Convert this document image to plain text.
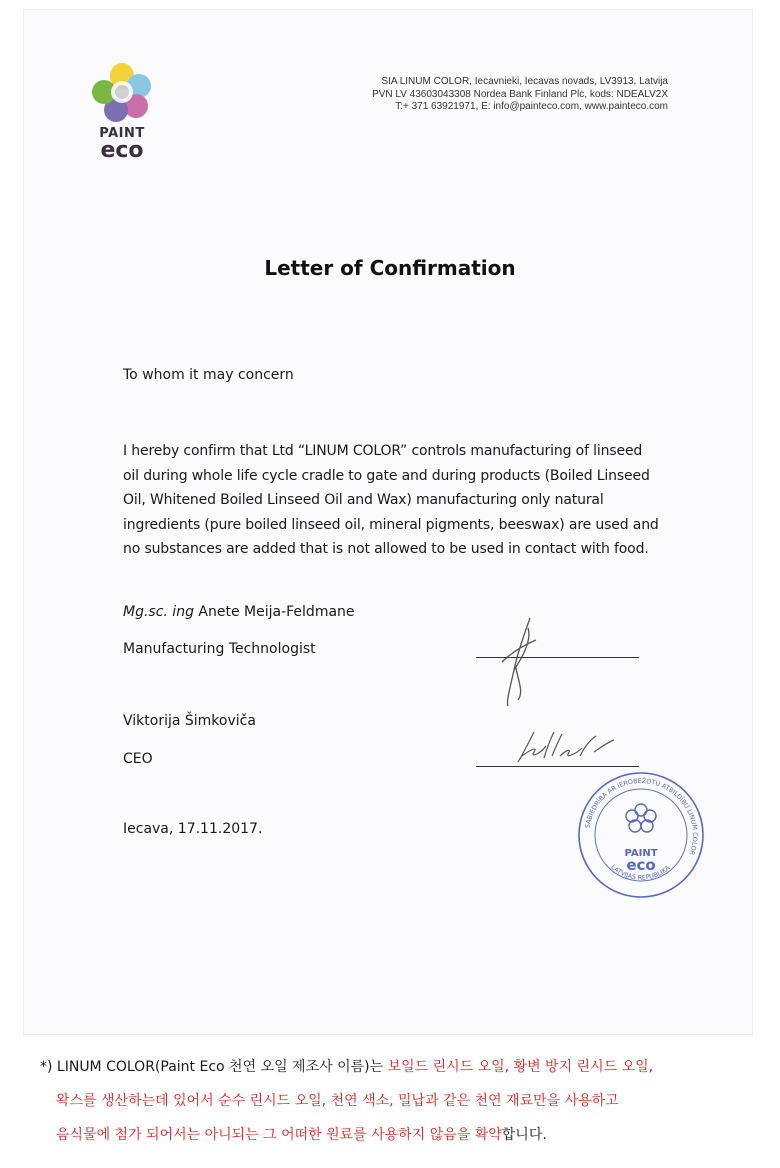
PAINT
eco
SIA LINUM COLOR, Iecavnieki, Iecavas novads, LV3913, Latvija
PVN LV 43603043308 Nordea Bank Finland Plc, kods: NDEALV2X
T:+ 371 63921971, E: info@painteco.com, www.painteco.com
Letter of Confirmation
To whom it may concern
I hereby confirm that Ltd “LINUM COLOR” controls manufacturing of linseed
oil during whole life cycle cradle to gate and during products (Boiled Linseed
Oil, Whitened Boiled Linseed Oil and Wax) manufacturing only natural
ingredients (pure boiled linseed oil, mineral pigments, beeswax) are used and
no substances are added that is not allowed to be used in contact with food.
Mg.sc. ing Anete Meija-Feldmane
Manufacturing Technologist
Viktorija Šimkoviča
CEO
SABIEDRĪBA AR IEROBEŽOTU ATBILDĪBU LINUM COLOR
LATVIJAS REPUBLIKA
PAINT
eco
Iecava, 17.11.2017.
*) LINUM COLOR(Paint Eco 천연 오일 제조사 이름)는 보일드 린시드 오일, 황변 방지 린시드 오일,
왁스를 생산하는데 있어서 순수 린시드 오일, 천연 색소, 밀납과 같은 천연 재료만을 사용하고
음식물에 첨가 되어서는 아니되는 그 어떠한 원료를 사용하지 않음을 확약합니다.
